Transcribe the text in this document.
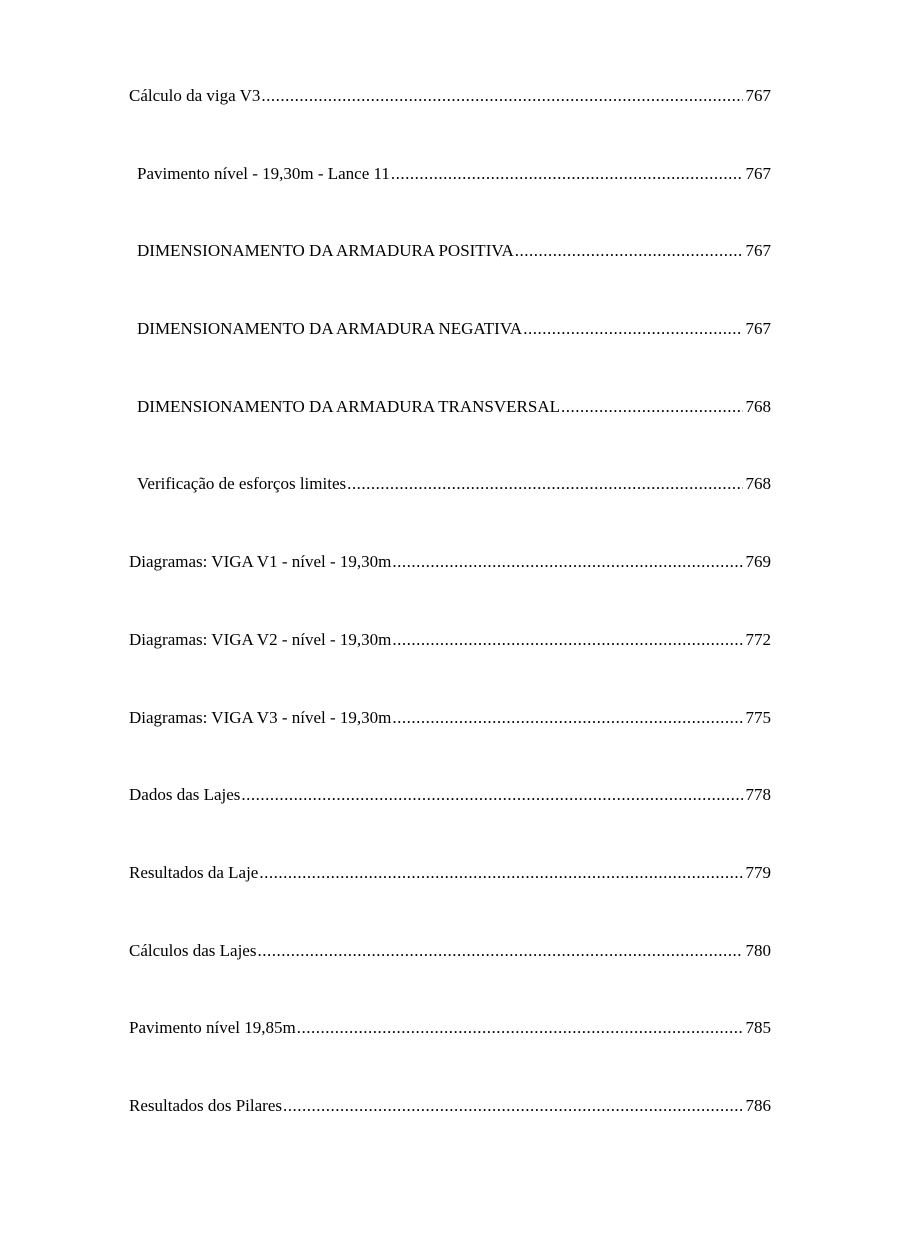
Cálculo da viga V3 .....	767
Pavimento nível - 19,30m - Lance 11 .....	767
DIMENSIONAMENTO DA ARMADURA POSITIVA .....	767
DIMENSIONAMENTO DA ARMADURA NEGATIVA .....	767
DIMENSIONAMENTO DA ARMADURA TRANSVERSAL .....	768
Verificação de esforços limites .....	768
Diagramas: VIGA V1 - nível - 19,30m .....	769
Diagramas: VIGA V2 - nível - 19,30m .....	772
Diagramas: VIGA V3 - nível - 19,30m .....	775
Dados das Lajes .....	778
Resultados da Laje .....	779
Cálculos das Lajes .....	780
Pavimento nível 19,85m .....	785
Resultados dos Pilares .....	786
